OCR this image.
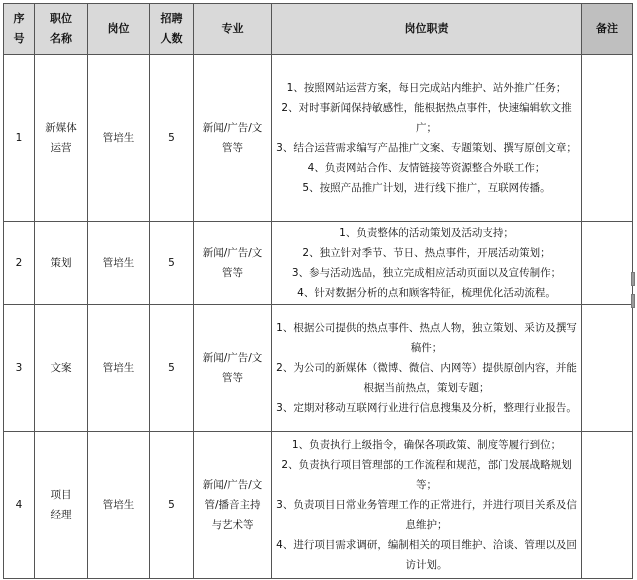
序号	职位名称	岗位	招聘人数	专业	岗位职责	备注
1	新媒体运营	管培生	5	新闻/广告/文管等	1、按照网站运营方案，每日完成站内维护、站外推广任务；
2、对时事新闻保持敏感性，能根据热点事件，快速编辑软文推广；
3、结合运营需求编写产品推广文案、专题策划、撰写原创文章；
4、负责网站合作、友情链接等资源整合外联工作；
5、按照产品推广计划，进行线下推广，互联网传播。	

2	策划	管培生	5	新闻/广告/文管等	1、负责整体的活动策划及活动支持；
2、独立针对季节、节日、热点事件，开展活动策划；
3、参与活动选品，独立完成相应活动页面以及宣传制作；
4、针对数据分析的点和顾客特征，梳理优化活动流程。	

3	文案	管培生	5	新闻/广告/文管等	1、根据公司提供的热点事件、热点人物，独立策划、采访及撰写稿件；
2、为公司的新媒体（微博、微信、内网等）提供原创内容，并能根据当前热点，策划专题；
3、定期对移动互联网行业进行信息搜集及分析，整理行业报告。	

4	项目经理	管培生	5	新闻/广告/文管/播音主持与艺术等	1、负责执行上级指令，确保各项政策、制度等履行到位；
2、负责执行项目管理部的工作流程和规范，部门发展战略规划等；
3、负责项目日常业务管理工作的正常进行，并进行项目关系及信息维护；
4、进行项目需求调研，编制相关的项目维护、洽谈、管理以及回访计划。	
